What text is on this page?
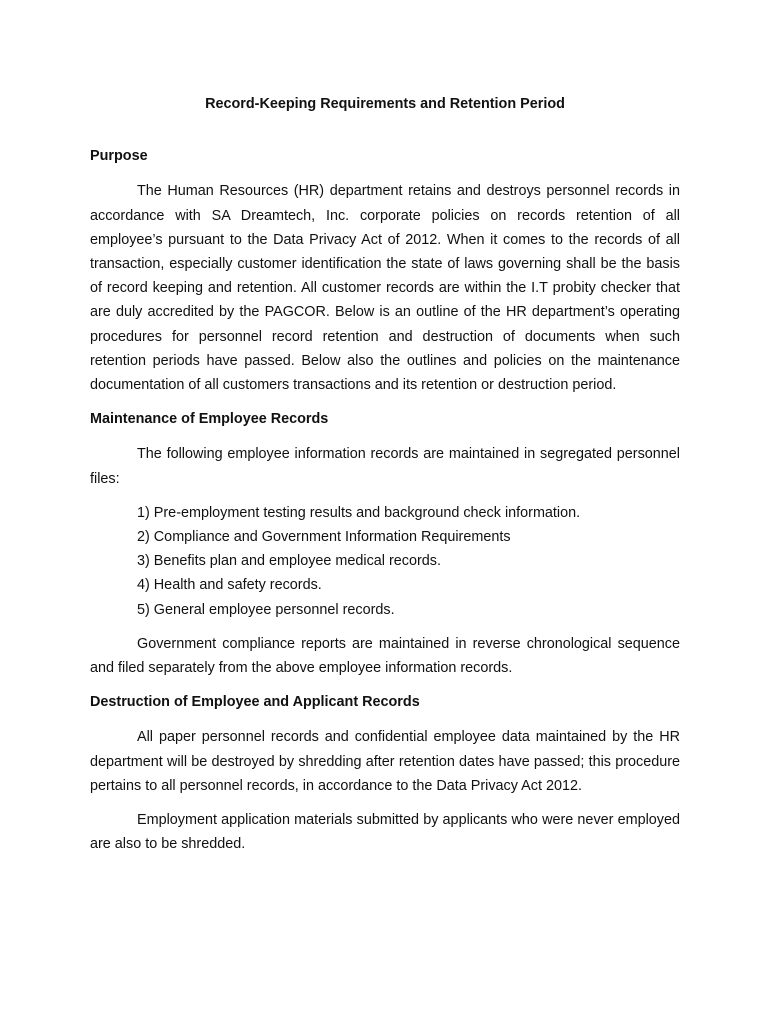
Record-Keeping Requirements and Retention Period
Purpose

The Human Resources (HR) department retains and destroys personnel records in accordance with SA Dreamtech, Inc. corporate policies on records retention of all employee’s pursuant to the Data Privacy Act of 2012. When it comes to the records of all transaction, especially customer identification the state of laws governing shall be the basis of record keeping and retention. All customer records are within the I.T probity checker that are duly accredited by the PAGCOR. Below is an outline of the HR department’s operating procedures for personnel record retention and destruction of documents when such retention periods have passed. Below also the outlines and policies on the maintenance documentation of all customers transactions and its retention or destruction period.

Maintenance of Employee Records

The following employee information records are maintained in segregated personnel files:

1) Pre-employment testing results and background check information.
2) Compliance and Government Information Requirements
3) Benefits plan and employee medical records.
4) Health and safety records.
5) General employee personnel records.

Government compliance reports are maintained in reverse chronological sequence and filed separately from the above employee information records.

Destruction of Employee and Applicant Records

All paper personnel records and confidential employee data maintained by the HR department will be destroyed by shredding after retention dates have passed; this procedure pertains to all personnel records, in accordance to the Data Privacy Act 2012.

Employment application materials submitted by applicants who were never employed are also to be shredded.
